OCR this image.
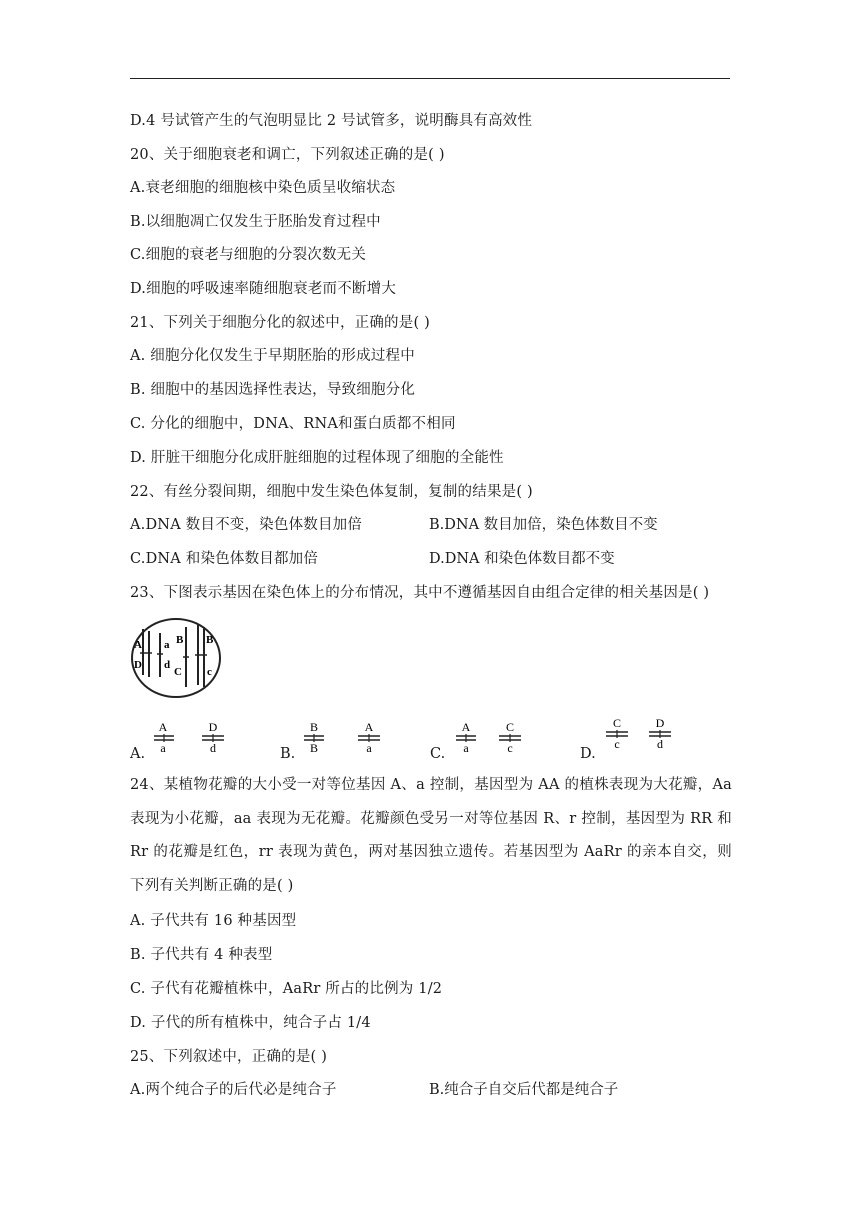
D.4 号试管产生的气泡明显比 2 号试管多，说明酶具有高效性
20、关于细胞衰老和调亡，下列叙述正确的是( )
A.衰老细胞的细胞核中染色质呈收缩状态
B.以细胞凋亡仅发生于胚胎发育过程中
C.细胞的衰老与细胞的分裂次数无关
D.细胞的呼吸速率随细胞衰老而不断增大
21、下列关于细胞分化的叙述中，正确的是( )
A. 细胞分化仅发生于早期胚胎的形成过程中
B. 细胞中的基因选择性表达，导致细胞分化
C. 分化的细胞中，DNA、RNA和蛋白质都不相同
D. 肝脏干细胞分化成肝脏细胞的过程体现了细胞的全能性
22、有丝分裂间期，细胞中发生染色体复制，复制的结果是( )
A.DNA 数目不变，染色体数目加倍	B.DNA 数目加倍，染色体数目不变
C.DNA 和染色体数目都加倍	D.DNA 和染色体数目都不变
23、下图表示基因在染色体上的分布情况，其中不遵循基因自由组合定律的相关基因是( )
A
D
a
d
B
C
B
c
A.
A
a
D
d	B.
B
B
A
a	C.
A
a
C
c	D.
C
c
D
d
24、某植物花瓣的大小受一对等位基因 A、a 控制，基因型为 AA 的植株表现为大花瓣，Aa 表现为小花瓣，aa 表现为无花瓣。花瓣颜色受另一对等位基因 R、r 控制，基因型为 RR 和 Rr 的花瓣是红色，rr 表现为黄色，两对基因独立遗传。若基因型为 AaRr 的亲本自交，则下列有关判断正确的是( )
A. 子代共有 16 种基因型
B. 子代共有 4 种表型
C. 子代有花瓣植株中，AaRr 所占的比例为 1/2
D. 子代的所有植株中，纯合子占 1/4
25、下列叙述中，正确的是( )
A.两个纯合子的后代必是纯合子	B.纯合子自交后代都是纯合子
